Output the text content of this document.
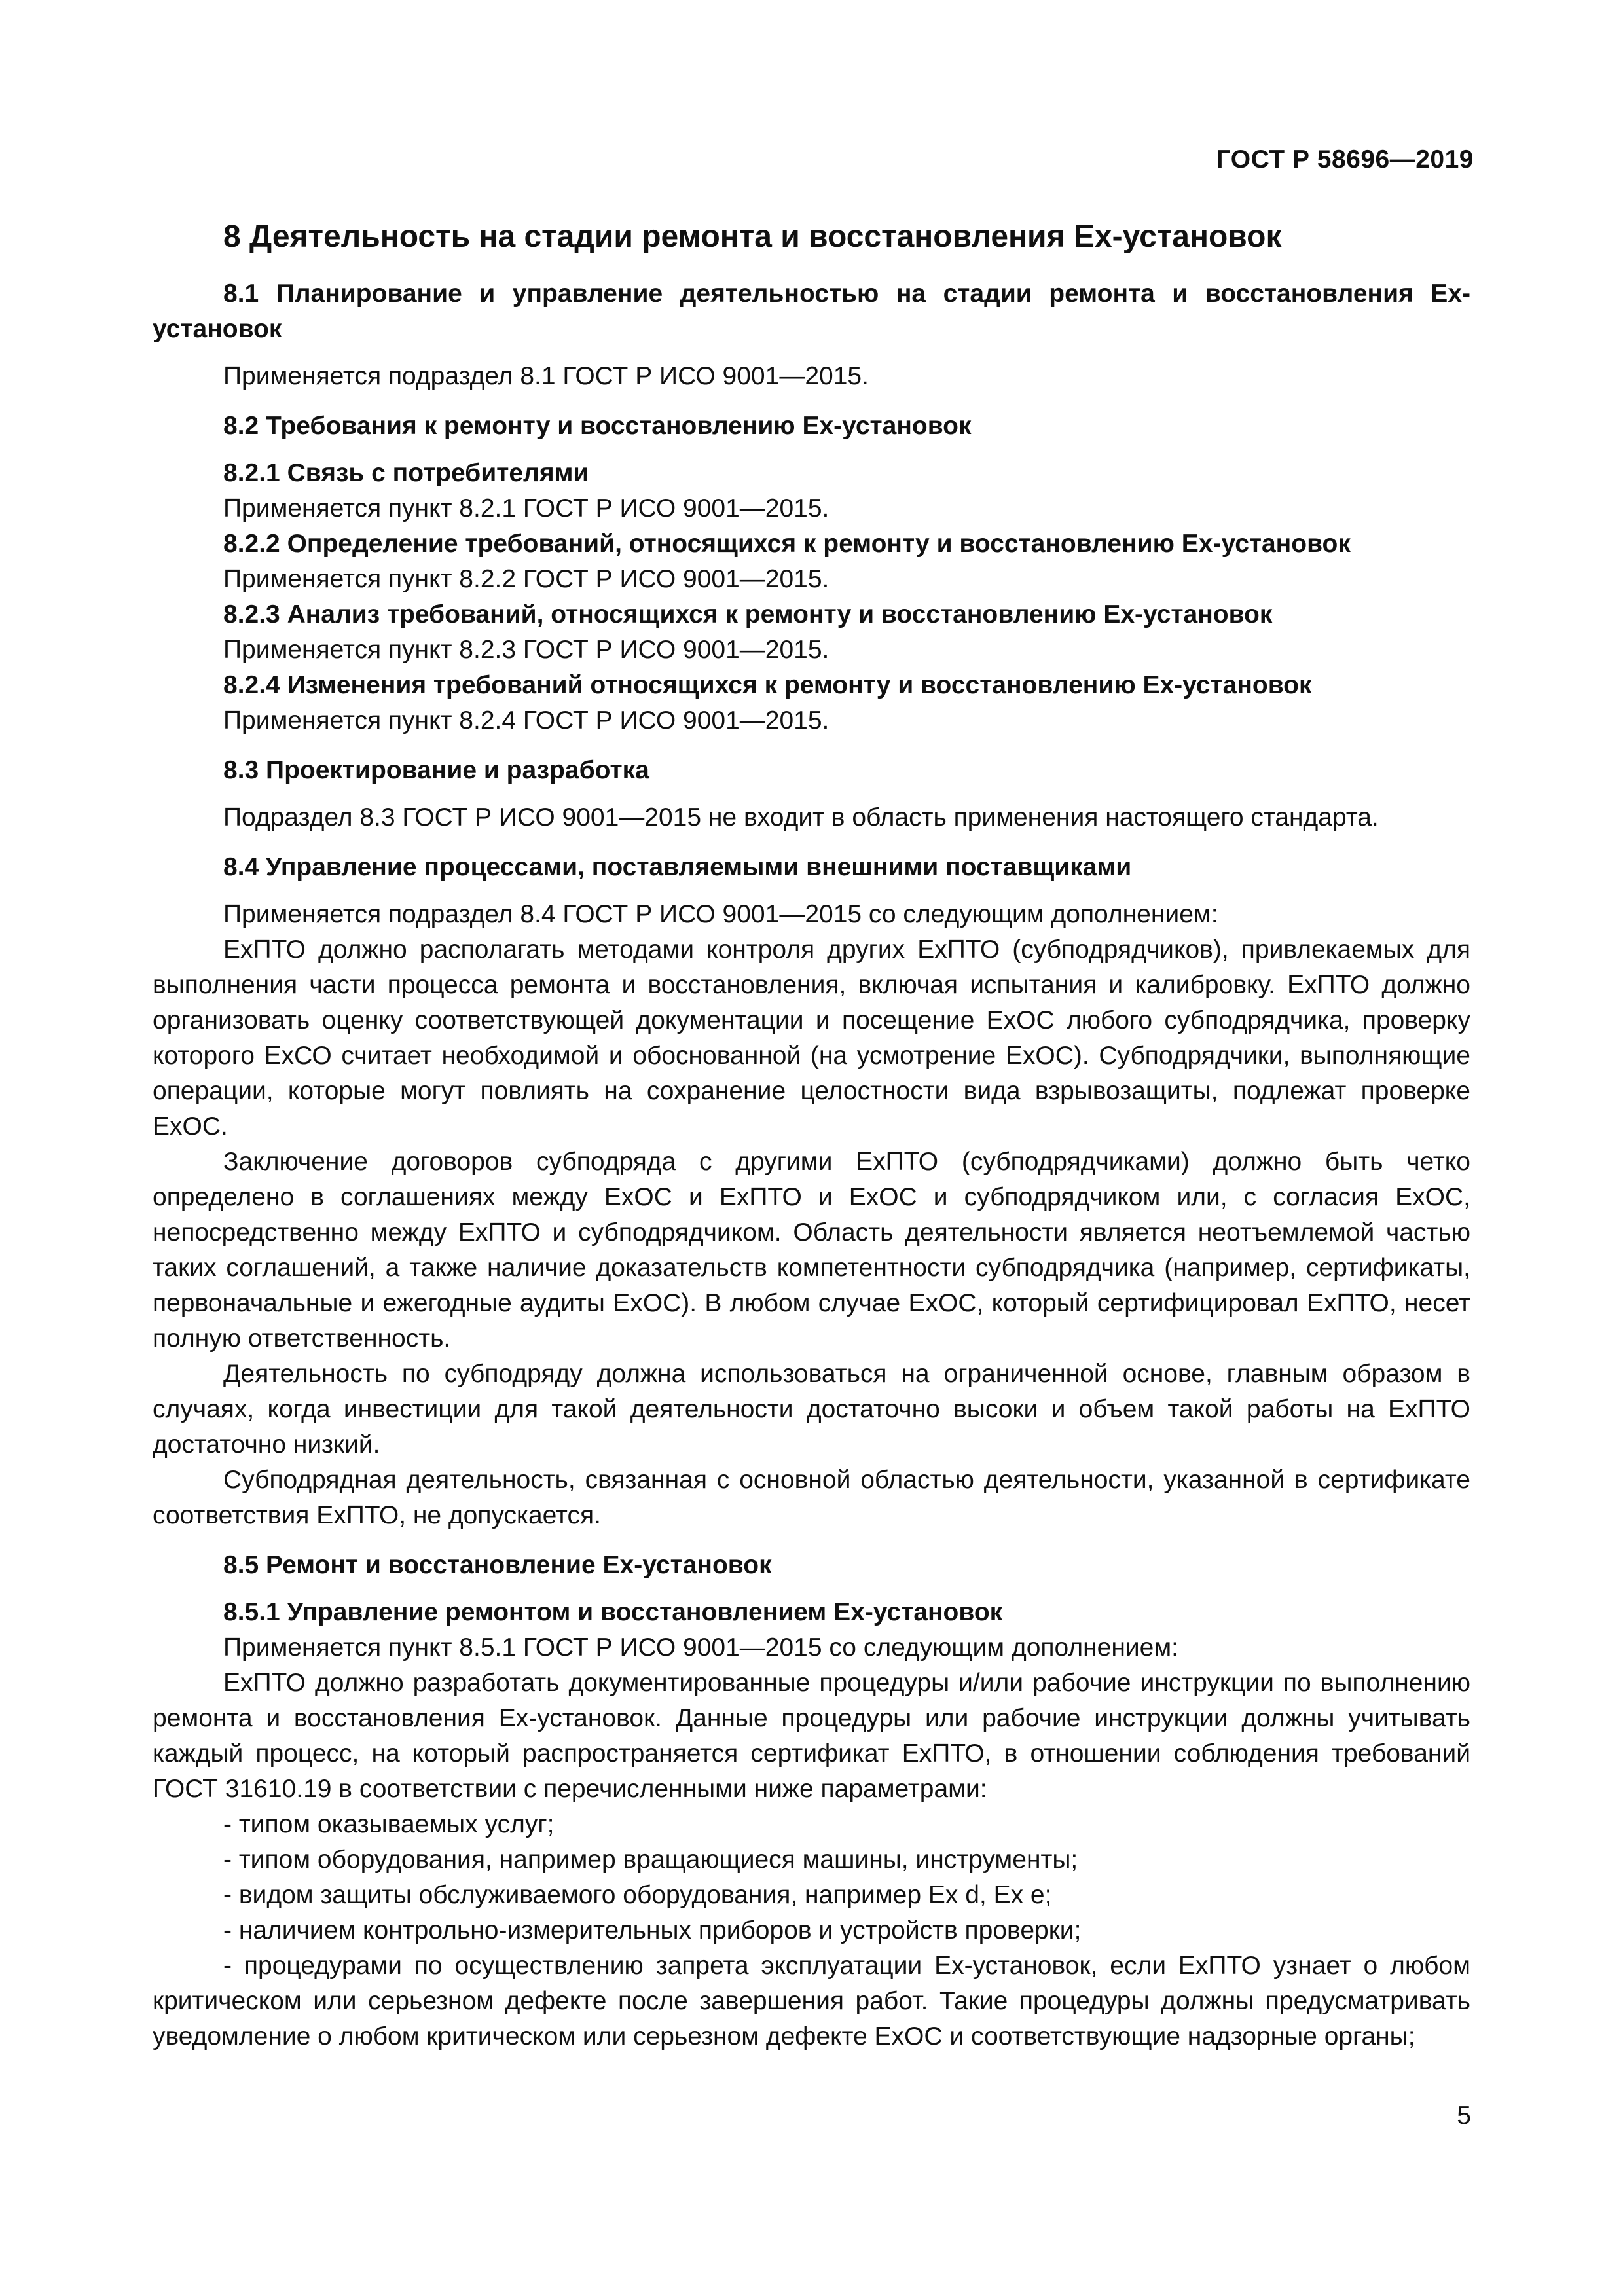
ГОСТ Р 58696—2019
8 Деятельность на стадии ремонта и восстановления Ех-установок
8.1 Планирование и управление деятельностью на стадии ремонта и восстановления Ех-установок
Применяется подраздел 8.1 ГОСТ Р ИСО 9001—2015.
8.2 Требования к ремонту и восстановлению Ех-установок
8.2.1 Связь с потребителями
Применяется пункт 8.2.1 ГОСТ Р ИСО 9001—2015.
8.2.2 Определение требований, относящихся к ремонту и восстановлению Ех-установок
Применяется пункт 8.2.2 ГОСТ Р ИСО 9001—2015.
8.2.3 Анализ требований, относящихся к ремонту и восстановлению Ех-установок
Применяется пункт 8.2.3 ГОСТ Р ИСО 9001—2015.
8.2.4 Изменения требований относящихся к ремонту и восстановлению Ех-установок
Применяется пункт 8.2.4 ГОСТ Р ИСО 9001—2015.
8.3 Проектирование и разработка
Подраздел 8.3 ГОСТ Р ИСО 9001—2015 не входит в область применения настоящего стандарта.
8.4 Управление процессами, поставляемыми внешними поставщиками
Применяется подраздел 8.4 ГОСТ Р ИСО 9001—2015 со следующим дополнением:
ЕхПТО должно располагать методами контроля других ЕхПТО (субподрядчиков), привлекаемых для выполнения части процесса ремонта и восстановления, включая испытания и калибровку. ЕхПТО должно организовать оценку соответствующей документации и посещение ЕхОС любого субподрядчика, проверку которого ЕхСО считает необходимой и обоснованной (на усмотрение ЕхОС). Субподрядчики, выполняющие операции, которые могут повлиять на сохранение целостности вида взрывозащиты, подлежат проверке ЕхОС.
Заключение договоров субподряда с другими ЕхПТО (субподрядчиками) должно быть четко определено в соглашениях между ЕхОС и ЕхПТО и ЕхОС и субподрядчиком или, с согласия ЕхОС, непосредственно между ЕхПТО и субподрядчиком. Область деятельности является неотъемлемой частью таких соглашений, а также наличие доказательств компетентности субподрядчика (например, сертификаты, первоначальные и ежегодные аудиты ЕхОС). В любом случае ЕхОС, который сертифицировал ЕхПТО, несет полную ответственность.
Деятельность по субподряду должна использоваться на ограниченной основе, главным образом в случаях, когда инвестиции для такой деятельности достаточно высоки и объем такой работы на ЕхПТО достаточно низкий.
Субподрядная деятельность, связанная с основной областью деятельности, указанной в сертификате соответствия ЕхПТО, не допускается.
8.5 Ремонт и восстановление Ех-установок
8.5.1 Управление ремонтом и восстановлением Ех-установок
Применяется пункт 8.5.1 ГОСТ Р ИСО 9001—2015 со следующим дополнением:
ЕхПТО должно разработать документированные процедуры и/или рабочие инструкции по выполнению ремонта и восстановления Ех-установок. Данные процедуры или рабочие инструкции должны учитывать каждый процесс, на который распространяется сертификат ЕхПТО, в отношении соблюдения требований ГОСТ 31610.19 в соответствии с перечисленными ниже параметрами:
- типом оказываемых услуг;
- типом оборудования, например вращающиеся машины, инструменты;
- видом защиты обслуживаемого оборудования, например Ex d, Ex e;
- наличием контрольно-измерительных приборов и устройств проверки;
- процедурами по осуществлению запрета эксплуатации Ех-установок, если ЕхПТО узнает о любом критическом или серьезном дефекте после завершения работ. Такие процедуры должны предусматривать уведомление о любом критическом или серьезном дефекте ЕхОС и соответствующие надзорные органы;
5
